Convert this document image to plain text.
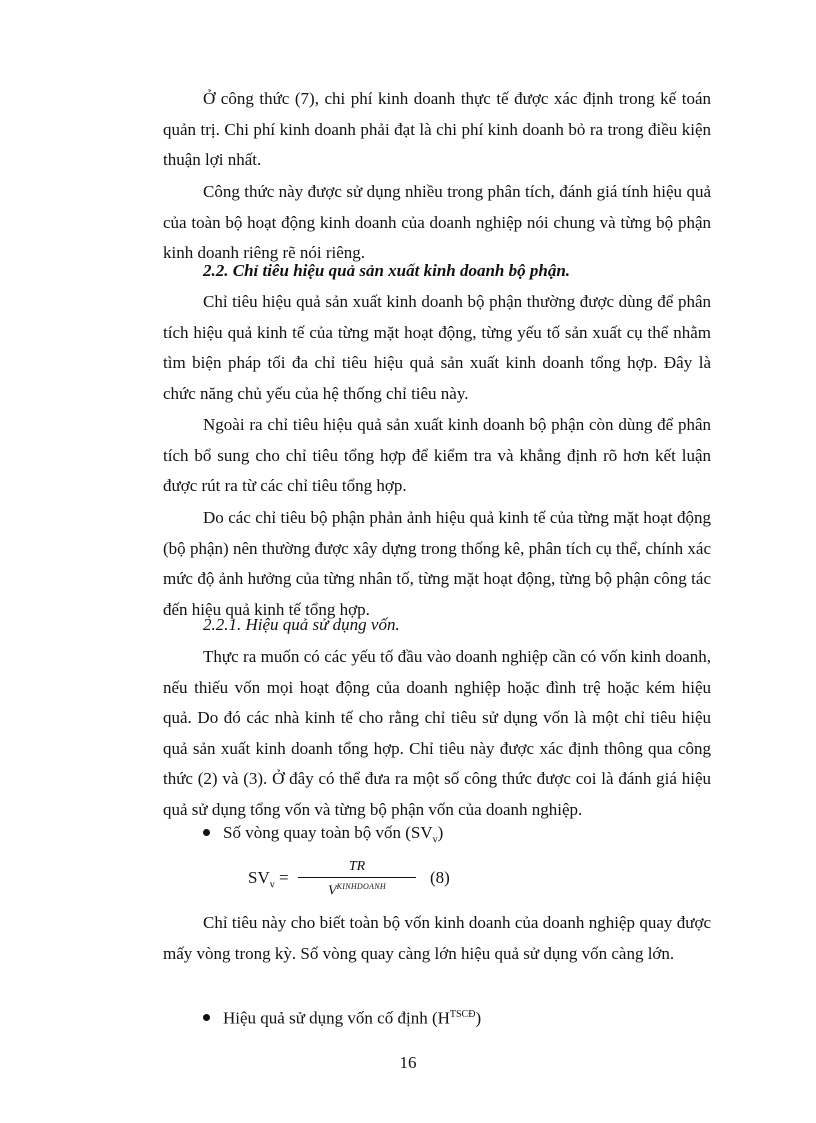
Ở công thức (7), chi phí kinh doanh thực tế được xác định trong kế toán quản trị. Chi phí kinh doanh phải đạt là chi phí kinh doanh bỏ ra trong điều kiện thuận lợi nhất.

Công thức này được sử dụng nhiều trong phân tích, đánh giá tính hiệu quả của toàn bộ hoạt động kinh doanh của doanh nghiệp nói chung và từng bộ phận kinh doanh riêng rẽ nói riêng.

2.2. Chỉ tiêu hiệu quả sản xuất kinh doanh bộ phận.

Chỉ tiêu hiệu quả sản xuất kinh doanh bộ phận thường được dùng để phân tích hiệu quả kinh tế của từng mặt hoạt động, từng yếu tố sản xuất cụ thể nhằm tìm biện pháp tối đa chỉ tiêu hiệu quả sản xuất kinh doanh tổng hợp. Đây là chức năng chủ yếu của hệ thống chỉ tiêu này.

Ngoài ra chỉ tiêu hiệu quả sản xuất kinh doanh bộ phận còn dùng để phân tích bổ sung cho chỉ tiêu tổng hợp để kiểm tra và khẳng định rõ hơn kết luận được rút ra từ các chỉ tiêu tổng hợp.

Do các chỉ tiêu bộ phận phản ảnh hiệu quả kinh tế của từng mặt hoạt động (bộ phận) nên thường được xây dựng trong thống kê, phân tích cụ thể, chính xác mức độ ảnh hưởng của từng nhân tố, từng mặt hoạt động, từng bộ phận công tác đến hiệu quả kinh tế tổng hợp.

2.2.1. Hiệu quả sử dụng vốn.

Thực ra muốn có các yếu tố đầu vào doanh nghiệp cần có vốn kinh doanh, nếu thiếu vốn mọi hoạt động của doanh nghiệp hoặc đình trệ hoặc kém hiệu quả. Do đó các nhà kinh tế cho rằng chỉ tiêu sử dụng vốn là một chỉ tiêu hiệu quả sản xuất kinh doanh tổng hợp. Chỉ tiêu này được xác định thông qua công thức (2) và (3). Ở đây có thể đưa ra một số công thức được coi là đánh giá hiệu quả sử dụng tổng vốn và từng bộ phận vốn của doanh nghiệp.

Số vòng quay toàn bộ vốn $(SV_v)$

$SV_v$ =
TR
$V^{KINHDOANH}$	(8)

Chỉ tiêu này cho biết toàn bộ vốn kinh doanh của doanh nghiệp quay được mấy vòng trong kỳ. Số vòng quay càng lớn hiệu quả sử dụng vốn càng lớn.

Hiệu quả sử dụng vốn cố định $(H^{TSCĐ})$

16
